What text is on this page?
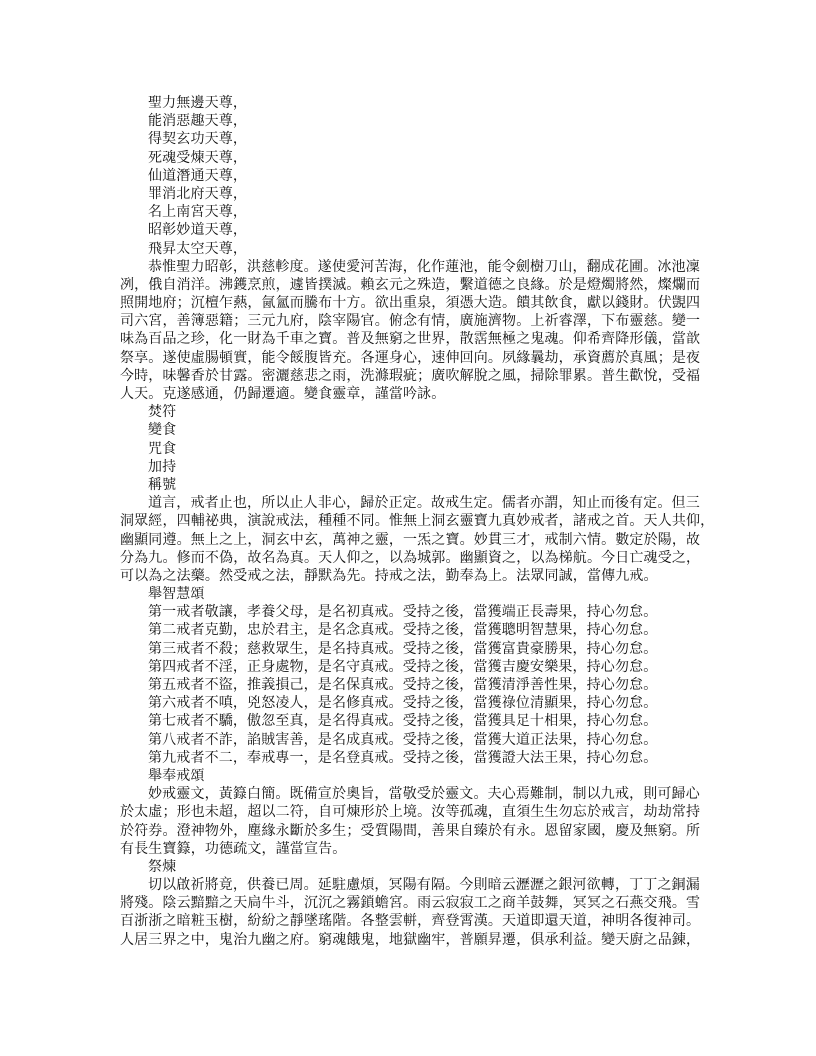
聖力無邊天尊，
能消惡趣天尊，
得契玄功天尊，
死魂受煉天尊，
仙道潛通天尊，
罪消北府天尊，
名上南宮天尊，
昭彰妙道天尊，
飛昇太空天尊，
恭惟聖力昭彰，洪慈軫度。遂使愛河苦海，化作蓮池，能令劍樹刀山，翻成花圃。冰池凜
冽，俄自消洋。沸鑊烹煎，遽皆撲滅。賴玄元之殊造，繫道德之良緣。於是燈燭將然，燦爛而
照開地府；沉檀乍爇，氤氳而騰布十方。欲出重泉，須憑大造。饋其飲食，獻以錢財。伏覬四
司六宮，善簿惡籍；三元九府，陰宰陽官。俯念有情，廣施濟物。上祈睿澤，下布靈慈。變一
味為百品之珍，化一財為千車之寶。普及無窮之世界，散霑無極之鬼魂。仰希齊降形儀，當歆
祭享。遂使虛腸頓實，能令餒腹皆充。各運身心，速伸回向。夙緣曩劫，承資薦於真風；是夜
今時，味馨香於甘露。密灑慈悲之雨，洗滌瑕疵；廣吹解脫之風，掃除罪累。普生歡悅，受福
人天。克遂感通，仍歸遷適。變食靈章，謹當吟詠。
焚符
變食
咒食
加持
稱號
道言，戒者止也，所以止人非心，歸於正定。故戒生定。儒者亦謂，知止而後有定。但三
洞眾經，四輔祕典，演說戒法，種種不同。惟無上洞玄靈寶九真妙戒者，諸戒之首。天人共仰，
幽顯同遵。無上之上，洞玄中玄，萬神之靈，一炁之寶。妙貫三才，戒制六情。數定於陽，故
分為九。修而不偽，故名為真。天人仰之，以為城郭。幽顯資之，以為梯航。今日亡魂受之，
可以為之法藥。然受戒之法，靜默為先。持戒之法，勤奉為上。法眾同誠，當傳九戒。
舉智慧頌
第一戒者敬讓，孝養父母，是名初真戒。受持之後，當獲端正長壽果，持心勿怠。
第二戒者克勤，忠於君主，是名念真戒。受持之後，當獲聰明智慧果，持心勿怠。
第三戒者不殺；慈救眾生，是名持真戒。受持之後，當獲富貴豪勝果，持心勿怠。
第四戒者不淫，正身處物，是名守真戒。受持之後，當獲吉慶安樂果，持心勿怠。
第五戒者不盜，推義損己，是名保真戒。受持之後，當獲清淨善性果，持心勿怠。
第六戒者不嗔，兇怒凌人，是名修真戒。受持之後，當獲祿位清顯果，持心勿怠。
第七戒者不驕，傲忽至真，是名得真戒。受持之後，當獲具足十相果，持心勿怠。
第八戒者不詐，諂賊害善，是名成真戒。受持之後，當獲大道正法果，持心勿怠。
第九戒者不二，奉戒專一，是名登真戒。受持之後，當獲證大法王果，持心勿怠。
舉奉戒頌
妙戒靈文，黃籙白簡。既備宣於奧旨，當敬受於靈文。夫心焉難制，制以九戒，則可歸心
於太虛；形也未超，超以二符，自可煉形於上境。汝等孤魂，直須生生勿忘於戒言，劫劫常持
於符券。澄神物外，塵緣永斷於多生；受質陽間，善果自臻於有永。恩留家國，慶及無窮。所
有長生寶籙，功德疏文，謹當宣告。
祭煉
切以啟祈將竟，供養已周。延駐慮煩，冥陽有隔。今則暗云瀝瀝之銀河欲轉，丁丁之銅漏
將殘。陰云黯黯之天扃牛斗，沉沉之霧鎖蟾宮。雨云寂寂工之商羊鼓舞，冥冥之石燕交飛。雪
百浙浙之暗粧玉樹，紛紛之靜墜瑤階。各整雲軿，齊登霄漢。天道即還天道，神明各復神司。
人居三界之中，鬼治九幽之府。窮魂餓鬼，地獄幽牢，普願昇遷，俱承利益。變天廚之品錬，
